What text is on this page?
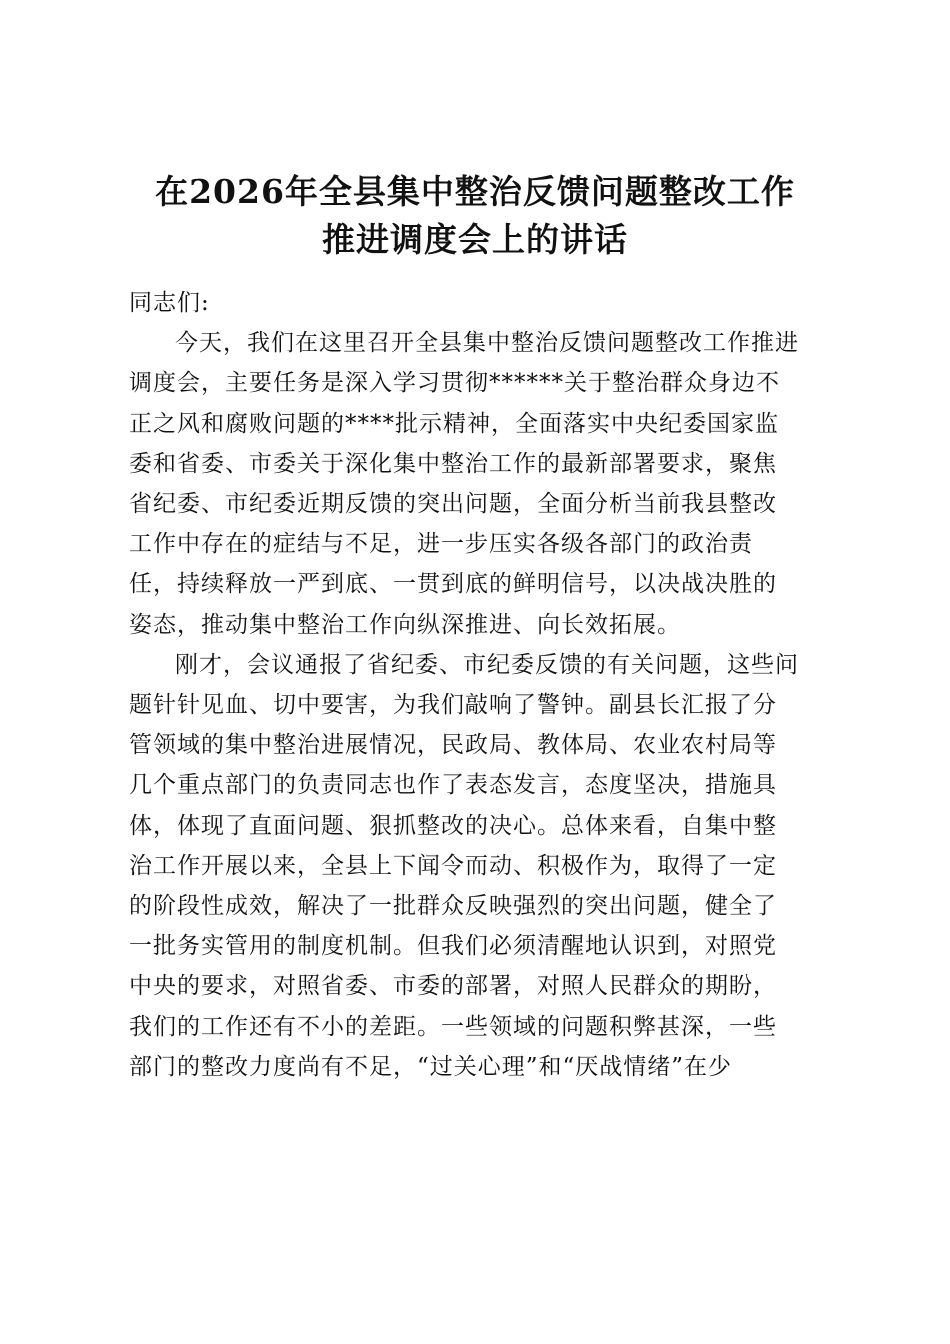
在2026年全县集中整治反馈问题整改工作
推进调度会上的讲话
同志们:
今天，我们在这里召开全县集中整治反馈问题整改工作推进
调度会，主要任务是深入学习贯彻******关于整治群众身边不
正之风和腐败问题的****批示精神，全面落实中央纪委国家监
委和省委、市委关于深化集中整治工作的最新部署要求，聚焦
省纪委、市纪委近期反馈的突出问题，全面分析当前我县整改
工作中存在的症结与不足，进一步压实各级各部门的政治责
任，持续释放一严到底、一贯到底的鲜明信号，以决战决胜的
姿态，推动集中整治工作向纵深推进、向长效拓展。
刚才，会议通报了省纪委、市纪委反馈的有关问题，这些问
题针针见血、切中要害，为我们敲响了警钟。副县长汇报了分
管领域的集中整治进展情况，民政局、教体局、农业农村局等
几个重点部门的负责同志也作了表态发言，态度坚决，措施具
体，体现了直面问题、狠抓整改的决心。总体来看，自集中整
治工作开展以来，全县上下闻令而动、积极作为，取得了一定
的阶段性成效，解决了一批群众反映强烈的突出问题，健全了
一批务实管用的制度机制。但我们必须清醒地认识到，对照党
中央的要求，对照省委、市委的部署，对照人民群众的期盼，
我们的工作还有不小的差距。一些领域的问题积弊甚深，一些
部门的整改力度尚有不足，“过关心理”和“厌战情绪”在少
